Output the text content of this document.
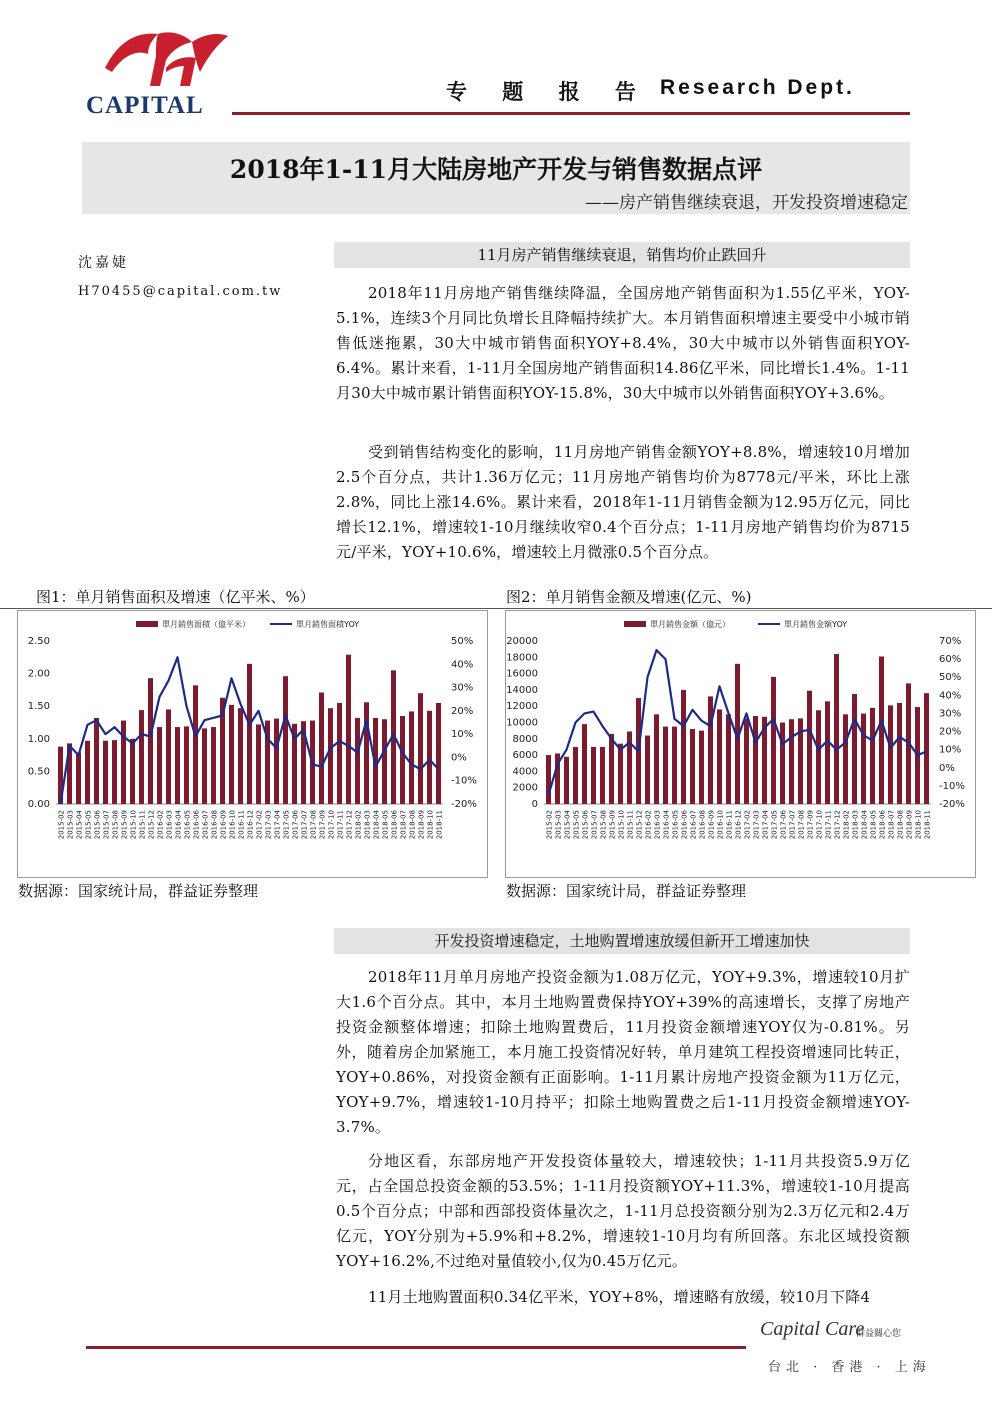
CAPITAL
专 题 报 告 Research Dept.
2018年1-11月大陆房地产开发与销售数据点评
——房产销售继续衰退，开发投资增速稳定
沈嘉婕
H70455@capital.com.tw
11月房产销售继续衰退，销售均价止跌回升

2018年11月房地产销售继续降温，全国房地产销售面积为1.55亿平米，YOY-5.1%，连续3个月同比负增长且降幅持续扩大。本月销售面积增速主要受中小城市销售低迷拖累，30大中城市销售面积YOY+8.4%，30大中城市以外销售面积YOY-6.4%。累计来看，1-11月全国房地产销售面积14.86亿平米，同比增长1.4%。1-11月30大中城市累计销售面积YOY-15.8%，30大中城市以外销售面积YOY+3.6%。

受到销售结构变化的影响，11月房地产销售金额YOY+8.8%，增速较10月增加2.5个百分点，共计1.36万亿元；11月房地产销售均价为8778元/平米，环比上涨2.8%，同比上涨14.6%。累计来看，2018年1-11月销售金额为12.95万亿元，同比增长12.1%，增速较1-10月继续收窄0.4个百分点；1-11月房地产销售均价为8715元/平米，YOY+10.6%，增速较上月微涨0.5个百分点。

图1：单月销售面积及增速（亿平米、%）	图2：单月销售金额及增速(亿元、%)
單月銷售面積（億平米）	單月銷售面積YOY
0.00
0.50
1.00
1.50
2.00
2.50
-20%
-10%
0%
10%
20%
30%
40%
50%
2015-02 2015-03 2015-04 2015-05 2015-06 2015-07 2015-08 2015-09 2015-10 2015-11 2015-12 2016-02 2016-03 2016-04 2016-05 2016-06 2016-07 2016-08 2016-09 2016-10 2016-11 2016-12 2017-02 2017-03 2017-04 2017-05 2017-06 2017-07 2017-08 2017-09 2017-10 2017-11 2017-12 2018-02 2018-03 2018-04 2018-05 2018-06 2018-07 2018-08 2018-09 2018-10 2018-11
單月銷售金額（億元）	單月銷售金額YOY
0
2000
4000
6000
8000
10000
12000
14000
16000
18000
20000
-20%
-10%
0%
10%
20%
30%
40%
50%
60%
70%
2015-02 2015-03 2015-04 2015-05 2015-06 2015-07 2015-08 2015-09 2015-10 2015-11 2015-12 2016-02 2016-03 2016-04 2016-05 2016-06 2016-07 2016-08 2016-09 2016-10 2016-11 2016-12 2017-02 2017-03 2017-04 2017-05 2017-06 2017-07 2017-08 2017-09 2017-10 2017-11 2017-12 2018-02 2018-03 2018-04 2018-05 2018-06 2018-07 2018-08 2018-09 2018-10 2018-11
数据源：国家统计局，群益证券整理	数据源：国家统计局，群益证券整理
开发投资增速稳定，土地购置增速放缓但新开工增速加快

2018年11月单月房地产投资金额为1.08万亿元，YOY+9.3%，增速较10月扩大1.6个百分点。其中，本月土地购置费保持YOY+39%的高速增长，支撑了房地产投资金额整体增速；扣除土地购置费后，11月投资金额增速YOY仅为-0.81%。另外，随着房企加紧施工，本月施工投资情况好转，单月建筑工程投资增速同比转正，YOY+0.86%，对投资金额有正面影响。1-11月累计房地产投资金额为11万亿元，YOY+9.7%，增速较1-10月持平；扣除土地购置费之后1-11月投资金额增速YOY-3.7%。

分地区看，东部房地产开发投资体量较大，增速较快；1-11月共投资5.9万亿元，占全国总投资金额的53.5%；1-11月投资额YOY+11.3%，增速较1-10月提高0.5个百分点；中部和西部投资体量次之，1-11月总投资额分别为2.3万亿元和2.4万亿元，YOY分别为+5.9%和+8.2%，增速较1-10月均有所回落。东北区域投资额YOY+16.2%,不过绝对量值较小,仅为0.45万亿元。

11月土地购置面积0.34亿平米，YOY+8%，增速略有放缓，较10月下降4

Capital Care
群益關心您
台北 · 香港 · 上海
